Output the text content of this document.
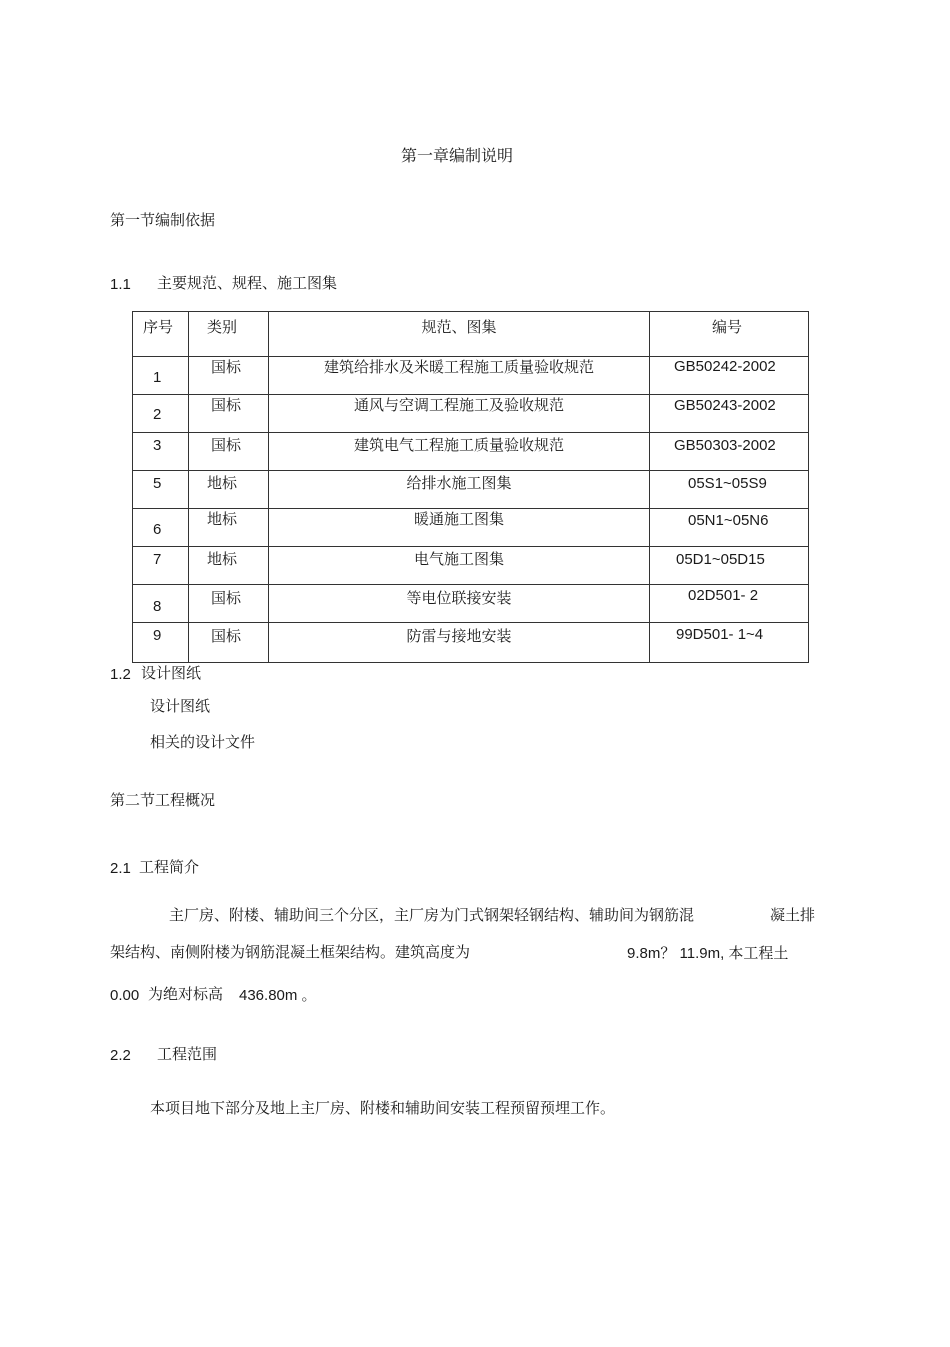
第一章编制说明
第一节编制依据
1.1 主要规范、规程、施工图集
序号	类别	规范、图集	编号

1	国标	建筑给排水及米暖工程施工质量验收规范	GB50242-2002

2	国标	通风与空调工程施工及验收规范	GB50243-2002

3	国标	建筑电气工程施工质量验收规范	GB50303-2002

5	地标	给排水施工图集	05S1~05S9

6	地标	暖通施工图集	05N1~05N6

7	地标	电气施工图集	05D1~05D15

8	国标	等电位联接安装	02D501- 2

9	国标	防雷与接地安装	99D501- 1~4
1.2 设计图纸
设计图纸
相关的设计文件
第二节工程概况
2.1 工程简介
主厂房、附楼、辅助间三个分区，主厂房为门式钢架轻钢结构、辅助间为钢筋混	凝土排
架结构、南侧附楼为钢筋混凝土框架结构。建筑高度为	9.8m？ 11.9m, 本工程土
0.00 为绝对标高 436.80m 。
2.2 工程范围
本项目地下部分及地上主厂房、附楼和辅助间安装工程预留预埋工作。
